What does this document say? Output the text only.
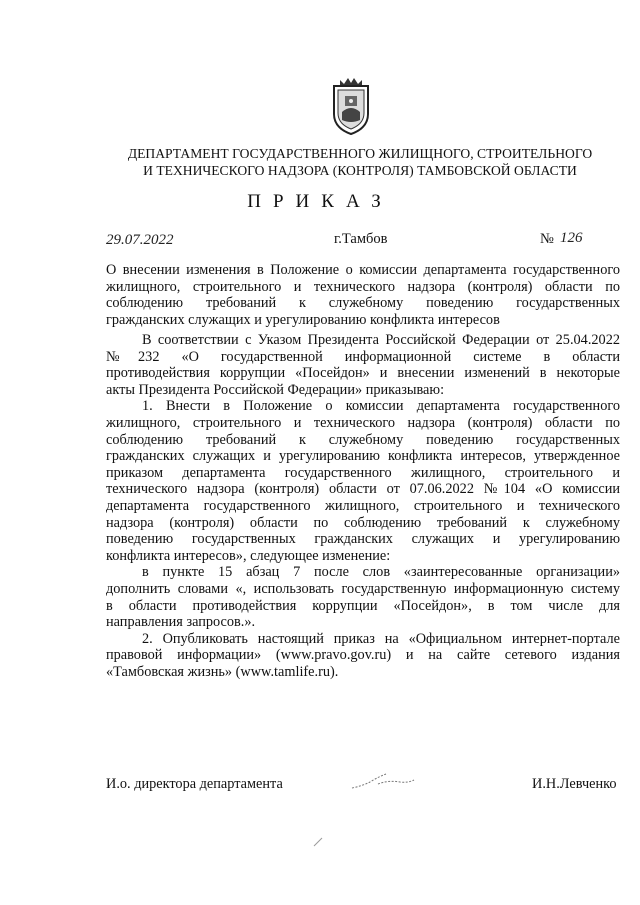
ДЕПАРТАМЕНТ ГОСУДАРСТВЕННОГО ЖИЛИЩНОГО, СТРОИТЕЛЬНОГО
И ТЕХНИЧЕСКОГО НАДЗОРА (КОНТРОЛЯ) ТАМБОВСКОЙ ОБЛАСТИ
ПРИКАЗ
29.07.2022	г.Тамбов	№ 126
О внесении изменения в Положение о комиссии департамента государственного
жилищного, строительного и технического надзора (контроля) области по
соблюдению требований к служебному поведению государственных
гражданских служащих и урегулированию конфликта интересов
В соответствии с Указом Президента Российской Федерации от 25.04.2022
№232 «О государственной информационной системе в области
противодействия коррупции «Посейдон» и внесении изменений в некоторые
акты Президента Российской Федерации» приказываю:
1. Внести в Положение о комиссии департамента государственного
жилищного, строительного и технического надзора (контроля) области по
соблюдению требований к служебному поведению государственных
гражданских служащих и урегулированию конфликта интересов, утвержденное
приказом департамента государственного жилищного, строительного и
технического надзора (контроля) области от 07.06.2022 №104 «О комиссии
департамента государственного жилищного, строительного и технического
надзора (контроля) области по соблюдению требований к служебному
поведению государственных гражданских служащих и урегулированию
конфликта интересов», следующее изменение:
в пункте 15 абзац 7 после слов «заинтересованные организации»
дополнить словами «, использовать государственную информационную систему
в области противодействия коррупции «Посейдон», в том числе для
направления запросов.».
2. Опубликовать настоящий приказ на «Официальном интернет-портале
правовой информации» (www.pravo.gov.ru) и на сайте сетевого издания
«Тамбовская жизнь» (www.tamlife.ru).
И.о. директора департамента	И.Н.Левченко
